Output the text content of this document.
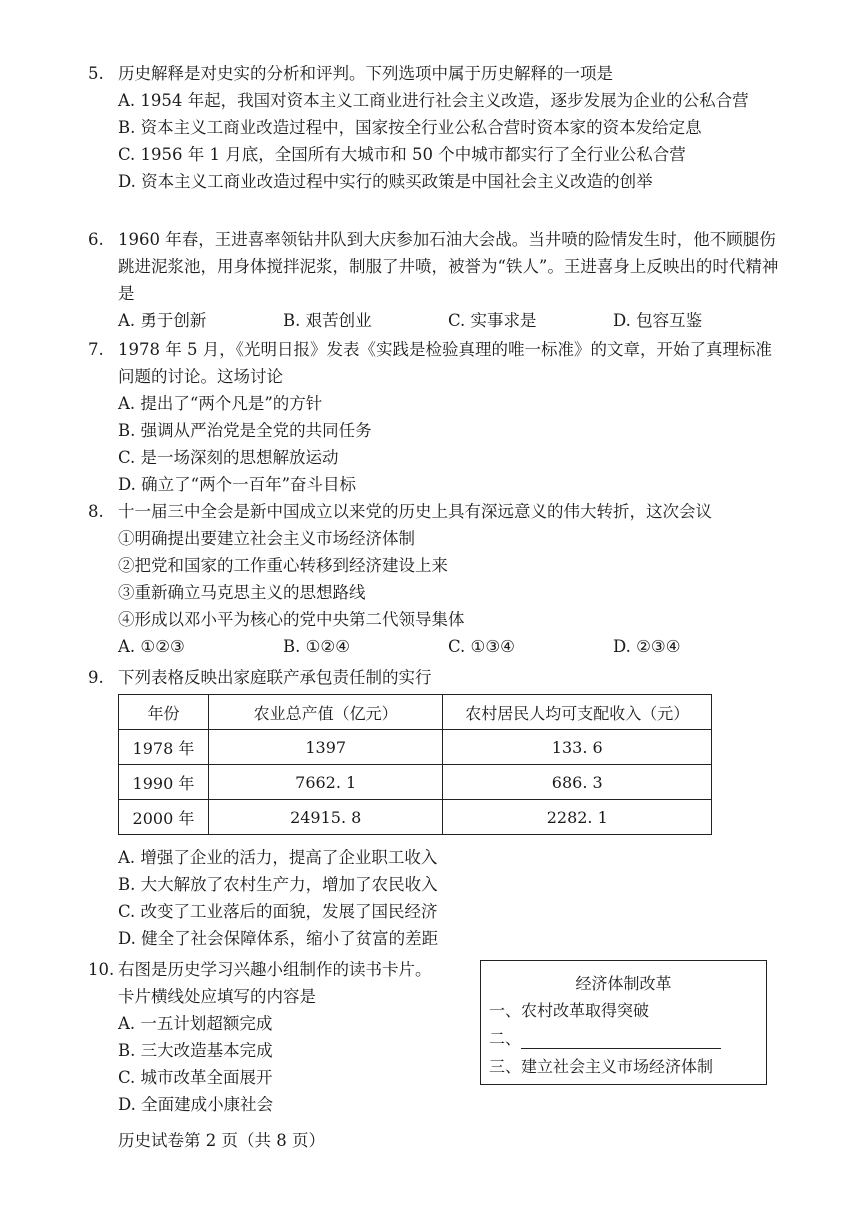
5. 历史解释是对史实的分析和评判。下列选项中属于历史解释的一项是
A. 1954 年起，我国对资本主义工商业进行社会主义改造，逐步发展为企业的公私合营
B. 资本主义工商业改造过程中，国家按全行业公私合营时资本家的资本发给定息
C. 1956 年 1 月底，全国所有大城市和 50 个中城市都实行了全行业公私合营
D. 资本主义工商业改造过程中实行的赎买政策是中国社会主义改造的创举
6. 1960 年春，王进喜率领钻井队到大庆参加石油大会战。当井喷的险情发生时，他不顾腿伤跳进泥浆池，用身体搅拌泥浆，制服了井喷，被誉为“铁人”。王进喜身上反映出的时代精神是
A. 勇于创新	B. 艰苦创业	C. 实事求是	D. 包容互鉴
7. 1978 年 5 月，《光明日报》发表《实践是检验真理的唯一标准》的文章，开始了真理标准问题的讨论。这场讨论
A. 提出了“两个凡是”的方针
B. 强调从严治党是全党的共同任务
C. 是一场深刻的思想解放运动
D. 确立了“两个一百年”奋斗目标
8. 十一届三中全会是新中国成立以来党的历史上具有深远意义的伟大转折，这次会议
①明确提出要建立社会主义市场经济体制
②把党和国家的工作重心转移到经济建设上来
③重新确立马克思主义的思想路线
④形成以邓小平为核心的党中央第二代领导集体
A. ①②③	B. ①②④	C. ①③④	D. ②③④
9. 下列表格反映出家庭联产承包责任制的实行
年份	农业总产值（亿元）	农村居民人均可支配收入（元）
1978 年	1397	133. 6
1990 年	7662. 1	686. 3
2000 年	24915. 8	2282. 1
A. 增强了企业的活力，提高了企业职工收入
B. 大大解放了农村生产力，增加了农民收入
C. 改变了工业落后的面貌，发展了国民经济
D. 健全了社会保障体系，缩小了贫富的差距
10. 右图是历史学习兴趣小组制作的读书卡片。
卡片横线处应填写的内容是
A. 一五计划超额完成
B. 三大改造基本完成
C. 城市改革全面展开
D. 全面建成小康社会
经济体制改革
一、农村改革取得突破
二、
三、建立社会主义市场经济体制
历史试卷第 2 页（共 8 页）
